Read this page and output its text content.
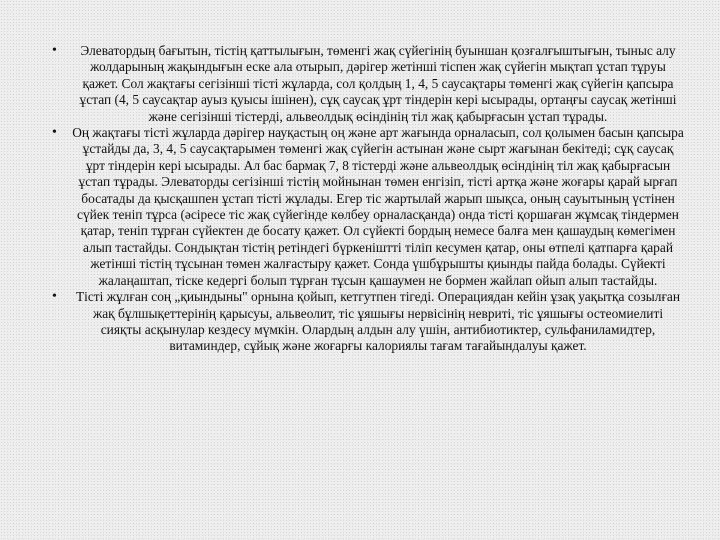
• Элеватордың бағытын, тістің қаттылығын, төменгі жақ сүйегінің буыншан қозғалғыштығын, тыныс алу жолдарының жақындығын еске ала отырып, дәрігер жетінші тіспен жақ сүйегін мықтап ұстап тұруы қажет. Сол жақтағы сегізінші тісті жұларда, сол қолдың 1, 4, 5 саусақтары төменгі жақ сүйегін қапсыра ұстап (4, 5 саусақтар ауыз қуысы ішінен), сұқ саусақ ұрт тіндерін кері ысырады, ортаңғы саусақ жетінші және сегізінші тістерді, альвеолдық өсіндінің тіл жақ қабырғасын ұстап тұрады.
• Оң жақтағы тісті жұларда дәрігер науқастың оң және арт жағында орналасып, сол қолымен басын қапсыра ұстайды да, 3, 4, 5 саусақтарымен төменгі жақ сүйегін астынан және сырт жағынан бекітеді; сұқ саусақ ұрт тіндерін кері ысырады. Ал бас бармақ 7, 8 тістерді және альвеолдық өсіндінің тіл жақ қабырғасын ұстап тұрады. Элеваторды сегізінші тістің мойнынан төмен енгізіп, тісті артқа және жоғары қарай ырғап босатады да қысқашпен ұстап тісті жұлады. Егер тіс жартылай жарып шықса, оның сауытының үстінен сүйек теніп тұрса (әсіресе тіс жақ сүйегінде көлбеу орналасқанда) онда тісті қоршаған жұмсақ тіндермен қатар, теніп тұрған сүйектен де босату қажет. Ол сүйекті бордың немесе балға мен қашаудың көмегімен алып тастайды. Сондықтан тістің ретіндегі бүркеніштті тіліп кесумен қатар, оны өтпелі қатпарға қарай жетінші тістің тұсынан төмен жалғастыру қажет. Сонда үшбұрышты қиынды пайда болады. Сүйекті жалаңаштап, тіске кедергі болып тұрған тұсын қашаумен не бормен жайлап ойып алып тастайды.
• Тісті жұлған соң „қиындыны" орнына қойып, кетгутпен тігеді. Операциядан кейін ұзақ уақытқа созылған жақ бұлшықеттерінің қарысуы, альвеолит, тіс ұяшығы нервісінің невриті, тіс ұяшығы остеомиелиті сияқты асқынулар кездесу мүмкін. Олардың алдын алу үшін, антибиотиктер, сульфаниламидтер, витаминдер, сұйық және жоғарғы калориялы тағам тағайындалуы қажет.
